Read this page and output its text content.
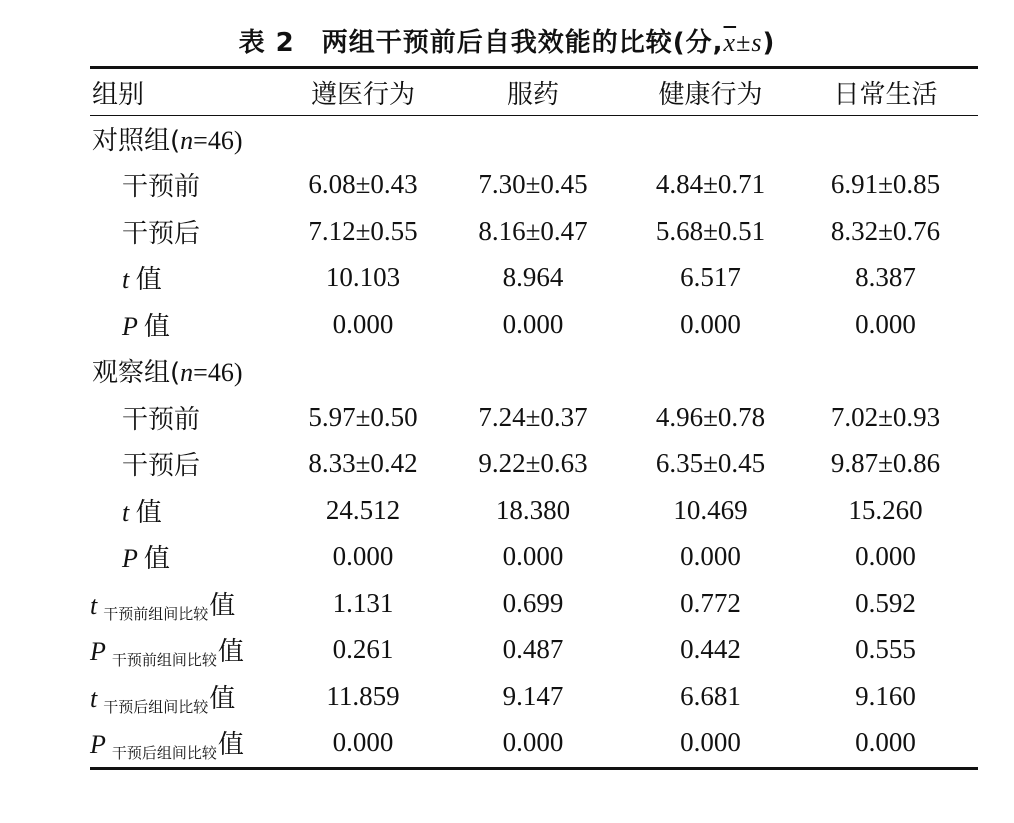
表 2　两组干预前后自我效能的比较(分$,\overline{x}\pm s$)
组别	遵医行为	服药	健康行为	日常生活
对照组(n=46)				
干预前	6.08±0.43	7.30±0.45	4.84±0.71	6.91±0.85
干预后	7.12±0.55	8.16±0.47	5.68±0.51	8.32±0.76
t 值	10.103	8.964	6.517	8.387
P 值	0.000	0.000	0.000	0.000
观察组(n=46)				
干预前	5.97±0.50	7.24±0.37	4.96±0.78	7.02±0.93
干预后	8.33±0.42	9.22±0.63	6.35±0.45	9.87±0.86
t 值	24.512	18.380	10.469	15.260
P 值	0.000	0.000	0.000	0.000
t 干预前组间比较值	1.131	0.699	0.772	0.592
P 干预前组间比较值	0.261	0.487	0.442	0.555
t 干预后组间比较值	11.859	9.147	6.681	9.160
P 干预后组间比较值	0.000	0.000	0.000	0.000
